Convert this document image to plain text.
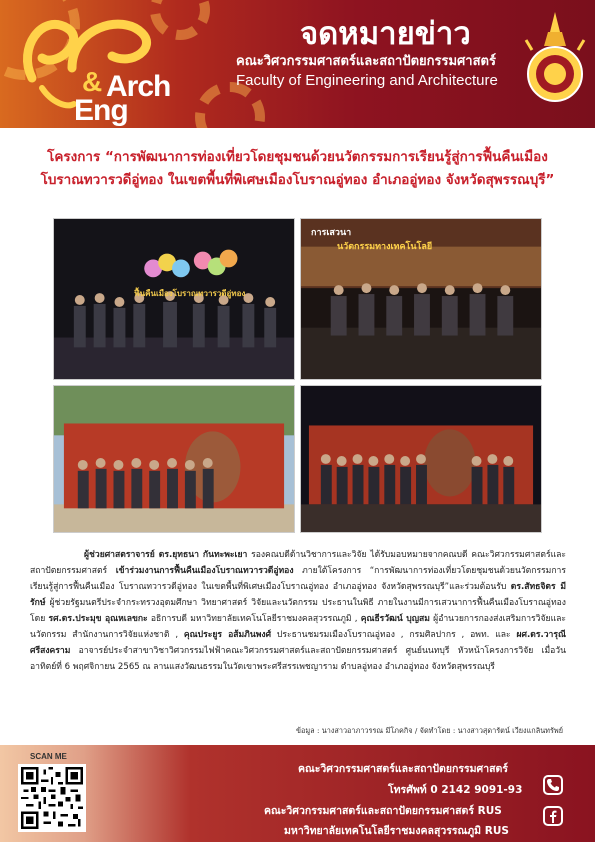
& Arch
Eng
จดหมายข่าว
คณะวิศวกรรมศาสตร์และสถาปัตยกรรมศาสตร์
Faculty of Engineering and Architecture
โครงการ “การพัฒนาการท่องเที่ยวโดยชุมชนด้วยนวัตกรรมการเรียนรู้สู่การฟื้นคืนเมือง
โบราณทวารวดีอู่ทอง ในเขตพื้นที่พิเศษเมืองโบราณอู่ทอง อำเภออู่ทอง จังหวัดสุพรรณบุรี”
ฟื้นคืนเมืองโบราณทวารวดีอู่ทอง
การเสวนา
นวัตกรรมทางเทคโนโลยี
ผู้ช่วยศาสตราจารย์ ดร.ยุทธนา กันทะพะเยา รองคณบดีด้านวิชาการและวิจัย ได้รับมอบหมายจากคณบดี คณะวิศวกรรมศาสตร์และสถาปัตยกรรมศาสตร์ เข้าร่วมงานการฟื้นคืนเมืองโบราณทวารวดีอู่ทอง ภายใต้โครงการ “การพัฒนาการท่องเที่ยวโดยชุมชนด้วยนวัตกรรมการเรียนรู้สู่การฟื้นคืนเมือง โบราณทวารวดีอู่ทอง ในเขตพื้นที่พิเศษเมืองโบราณอู่ทอง อำเภออู่ทอง จังหวัดสุพรรณบุรี”และร่วมต้อนรับ ดร.สัทธจิตร มีรักษ์ ผู้ช่วยรัฐมนตรีประจำกระทรวงอุดมศึกษา วิทยาศาสตร์ วิจัยและนวัตกรรม ประธานในพิธี ภายในงานมีการเสวนาการฟื้นคืนเมืองโบราณอู่ทอง โดย รศ.ดร.ประมุข อุณหเลขกะ อธิการบดี มหาวิทยาลัยเทคโนโลยีราชมงคลสุวรรณภูมิ , คุณธีรวัฒน์ บุญสม ผู้อำนวยการกองส่งเสริมการวิจัยและนวัตกรรม สำนักงานการวิจัยแห่งชาติ , คุณประยูร อส้มภินพงศ์ ประธานชมรมเมืองโบราณอู่ทอง , กรมศิลปากร , อพท. และ ผศ.ดร.วารุณี ศรีสงคราม อาจารย์ประจำสาขาวิชาวิศวกรรมไฟฟ้าคณะวิศวกรรมศาสตร์และสถาปัตยกรรมศาสตร์ ศูนย์นนทบุรี หัวหน้าโครงการวิจัย เมื่อวันอาทิตย์ที่ 6 พฤศจิกายน 2565 ณ ลานแสงวัฒนธรรมในวัดเขาพระศรีสรรเพชญาราม ตำบลอู่ทอง อำเภออู่ทอง จังหวัดสุพรรณบุรี
ข้อมูล : นางสาวอาภาวรรณ มีโภคกิจ / จัดทำโดย : นางสาวสุดารัตน์ เวียงแกลินทรัพย์
SCAN ME
คณะวิศวกรรมศาสตร์และสถาปัตยกรรมศาสตร์
โทรศัพท์ 0 2142 9091-93
คณะวิศวกรรมศาสตร์และสถาปัตยกรรมศาสตร์ RUS
มหาวิทยาลัยเทคโนโลยีราชมงคลสุวรรณภูมิ RUS
